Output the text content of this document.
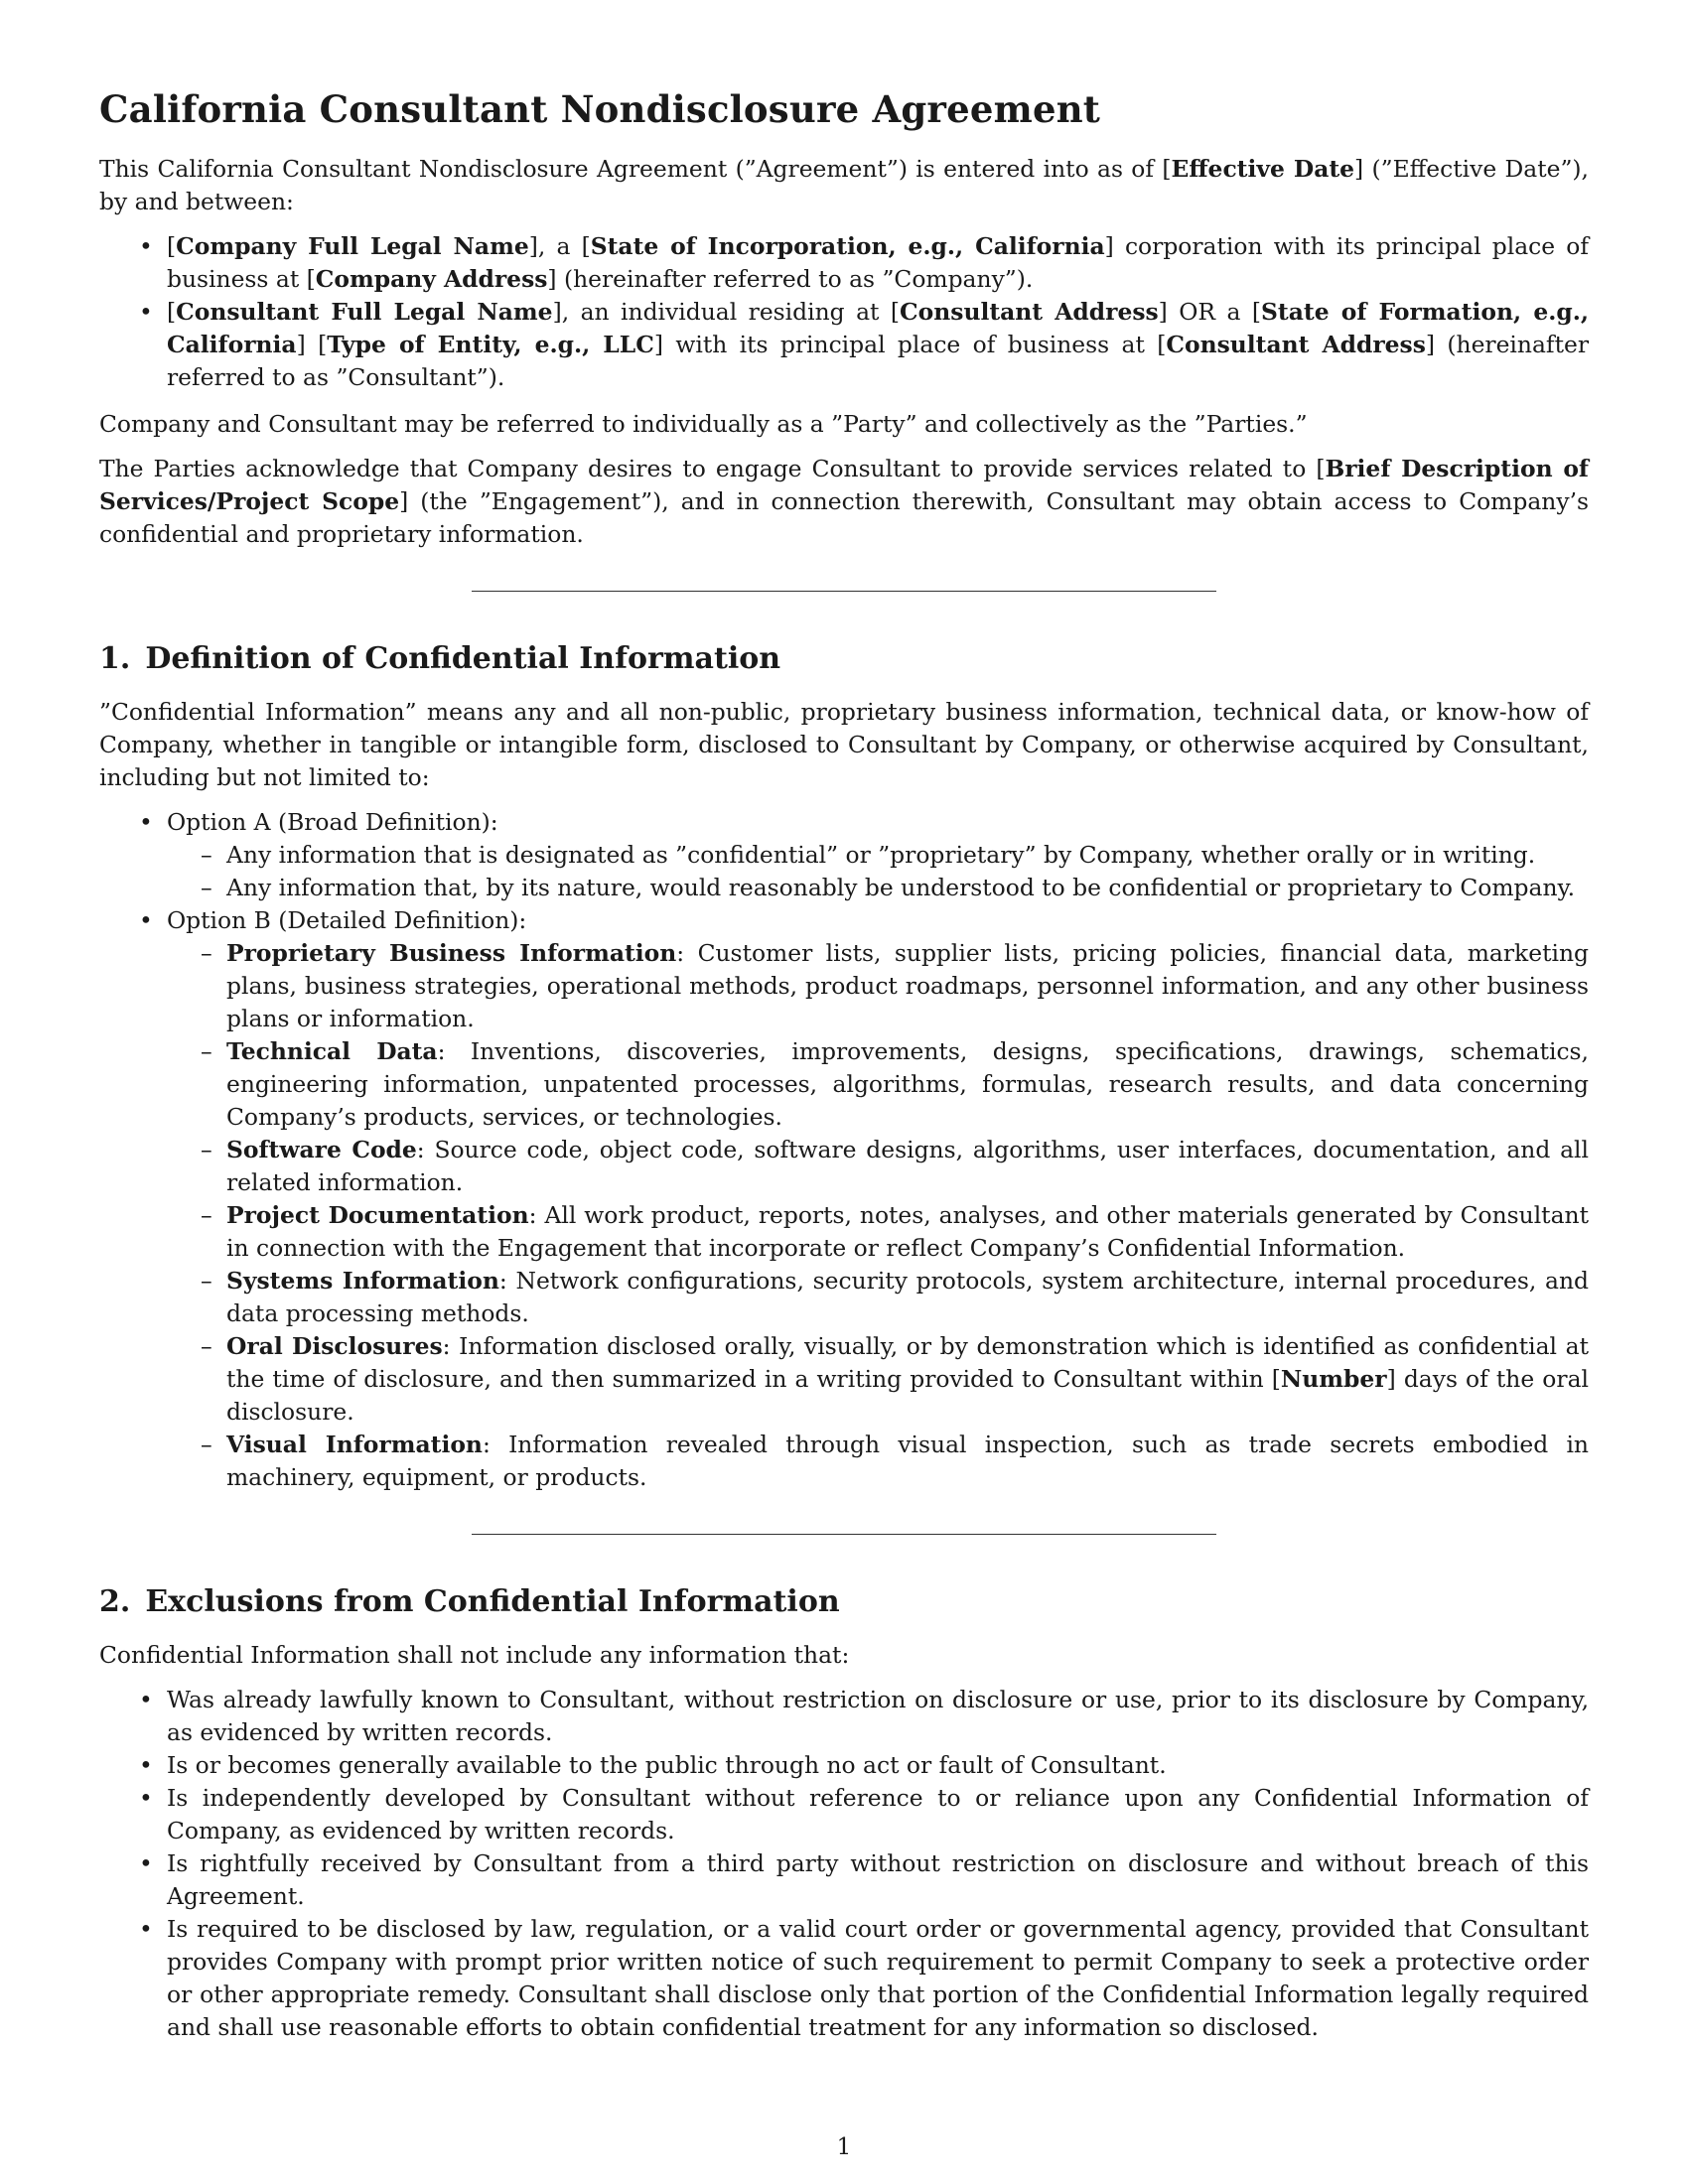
California Consultant Nondisclosure Agreement

This California Consultant Nondisclosure Agreement (”Agreement”) is entered into as of [Effective Date] (”Effective Date”), by and between:

• [Company Full Legal Name], a [State of Incorporation, e.g., California] corporation with its principal place of business at [Company Address] (hereinafter referred to as ”Company”).
• [Consultant Full Legal Name], an individual residing at [Consultant Address] OR a [State of Formation, e.g., California] [Type of Entity, e.g., LLC] with its principal place of business at [Consultant Address] (hereinafter referred to as ”Consultant”).

Company and Consultant may be referred to individually as a ”Party” and collectively as the ”Parties.”

The Parties acknowledge that Company desires to engage Consultant to provide services related to [Brief Description of Services/Project Scope] (the ”Engagement”), and in connection therewith, Consultant may obtain access to Company’s confidential and proprietary information.

1. Definition of Confidential Information

”Confidential Information” means any and all non-public, proprietary business information, technical data, or know-how of Company, whether in tangible or intangible form, disclosed to Consultant by Company, or otherwise acquired by Consultant, including but not limited to:

• Option A (Broad Definition):
– Any information that is designated as ”confidential” or ”proprietary” by Company, whether orally or in writing.
– Any information that, by its nature, would reasonably be understood to be confidential or proprietary to Company.
• Option B (Detailed Definition):
– Proprietary Business Information: Customer lists, supplier lists, pricing policies, financial data, marketing plans, business strategies, operational methods, product roadmaps, personnel information, and any other business plans or information.
– Technical Data: Inventions, discoveries, improvements, designs, specifications, drawings, schematics, engineering information, unpatented processes, algorithms, formulas, research results, and data concerning Company’s products, services, or technologies.
– Software Code: Source code, object code, software designs, algorithms, user interfaces, documentation, and all related information.
– Project Documentation: All work product, reports, notes, analyses, and other materials generated by Consultant in connection with the Engagement that incorporate or reflect Company’s Confidential Information.
– Systems Information: Network configurations, security protocols, system architecture, internal procedures, and data processing methods.
– Oral Disclosures: Information disclosed orally, visually, or by demonstration which is identified as confidential at the time of disclosure, and then summarized in a writing provided to Consultant within [Number] days of the oral disclosure.
– Visual Information: Information revealed through visual inspection, such as trade secrets embodied in machinery, equipment, or products.
2. Exclusions from Confidential Information

Confidential Information shall not include any information that:

• Was already lawfully known to Consultant, without restriction on disclosure or use, prior to its disclosure by Company, as evidenced by written records.
• Is or becomes generally available to the public through no act or fault of Consultant.
• Is independently developed by Consultant without reference to or reliance upon any Confidential Information of Company, as evidenced by written records.
• Is rightfully received by Consultant from a third party without restriction on disclosure and without breach of this Agreement.
• Is required to be disclosed by law, regulation, or a valid court order or governmental agency, provided that Consultant provides Company with prompt prior written notice of such requirement to permit Company to seek a protective order or other appropriate remedy. Consultant shall disclose only that portion of the Confidential Information legally required and shall use reasonable efforts to obtain confidential treatment for any information so disclosed.
1
